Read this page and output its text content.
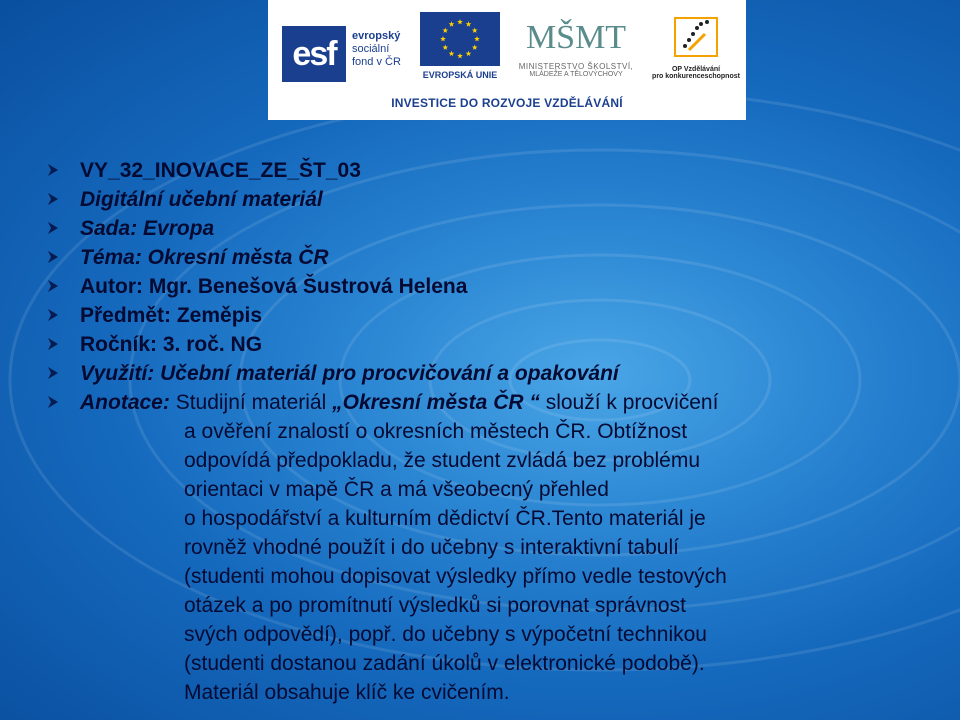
esf	evropský
sociální
fond v ČR
EVROPSKÁ UNIE
MŠMT
MINISTERSTVO ŠKOLSTVÍ,
MLÁDEŽE A TĚLOVÝCHOVY
OP Vzdělávání
pro konkurenceschopnost
INVESTICE DO ROZVOJE VZDĚLÁVÁNÍ
VY_32_INOVACE_ZE_ŠT_03
Digitální učební materiál
Sada: Evropa
Téma: Okresní města ČR
Autor: Mgr. Benešová Šustrová Helena
Předmět: Zeměpis
Ročník: 3. roč. NG
Využití: Učební materiál pro procvičování a opakování
Anotace: Studijní materiál „Okresní města ČR “ slouží k procvičení
a ověření znalostí o okresních městech ČR. Obtížnost
odpovídá předpokladu, že student zvládá bez problému
orientaci v mapě ČR a má všeobecný přehled
o hospodářství a kulturním dědictví ČR.Tento materiál je
rovněž vhodné použít i do učebny s interaktivní tabulí
(studenti mohou dopisovat výsledky přímo vedle testových
otázek a po promítnutí výsledků si porovnat správnost
svých odpovědí), popř. do učebny s výpočetní technikou
(studenti dostanou zadání úkolů v elektronické podobě).
Materiál obsahuje klíč ke cvičením.
